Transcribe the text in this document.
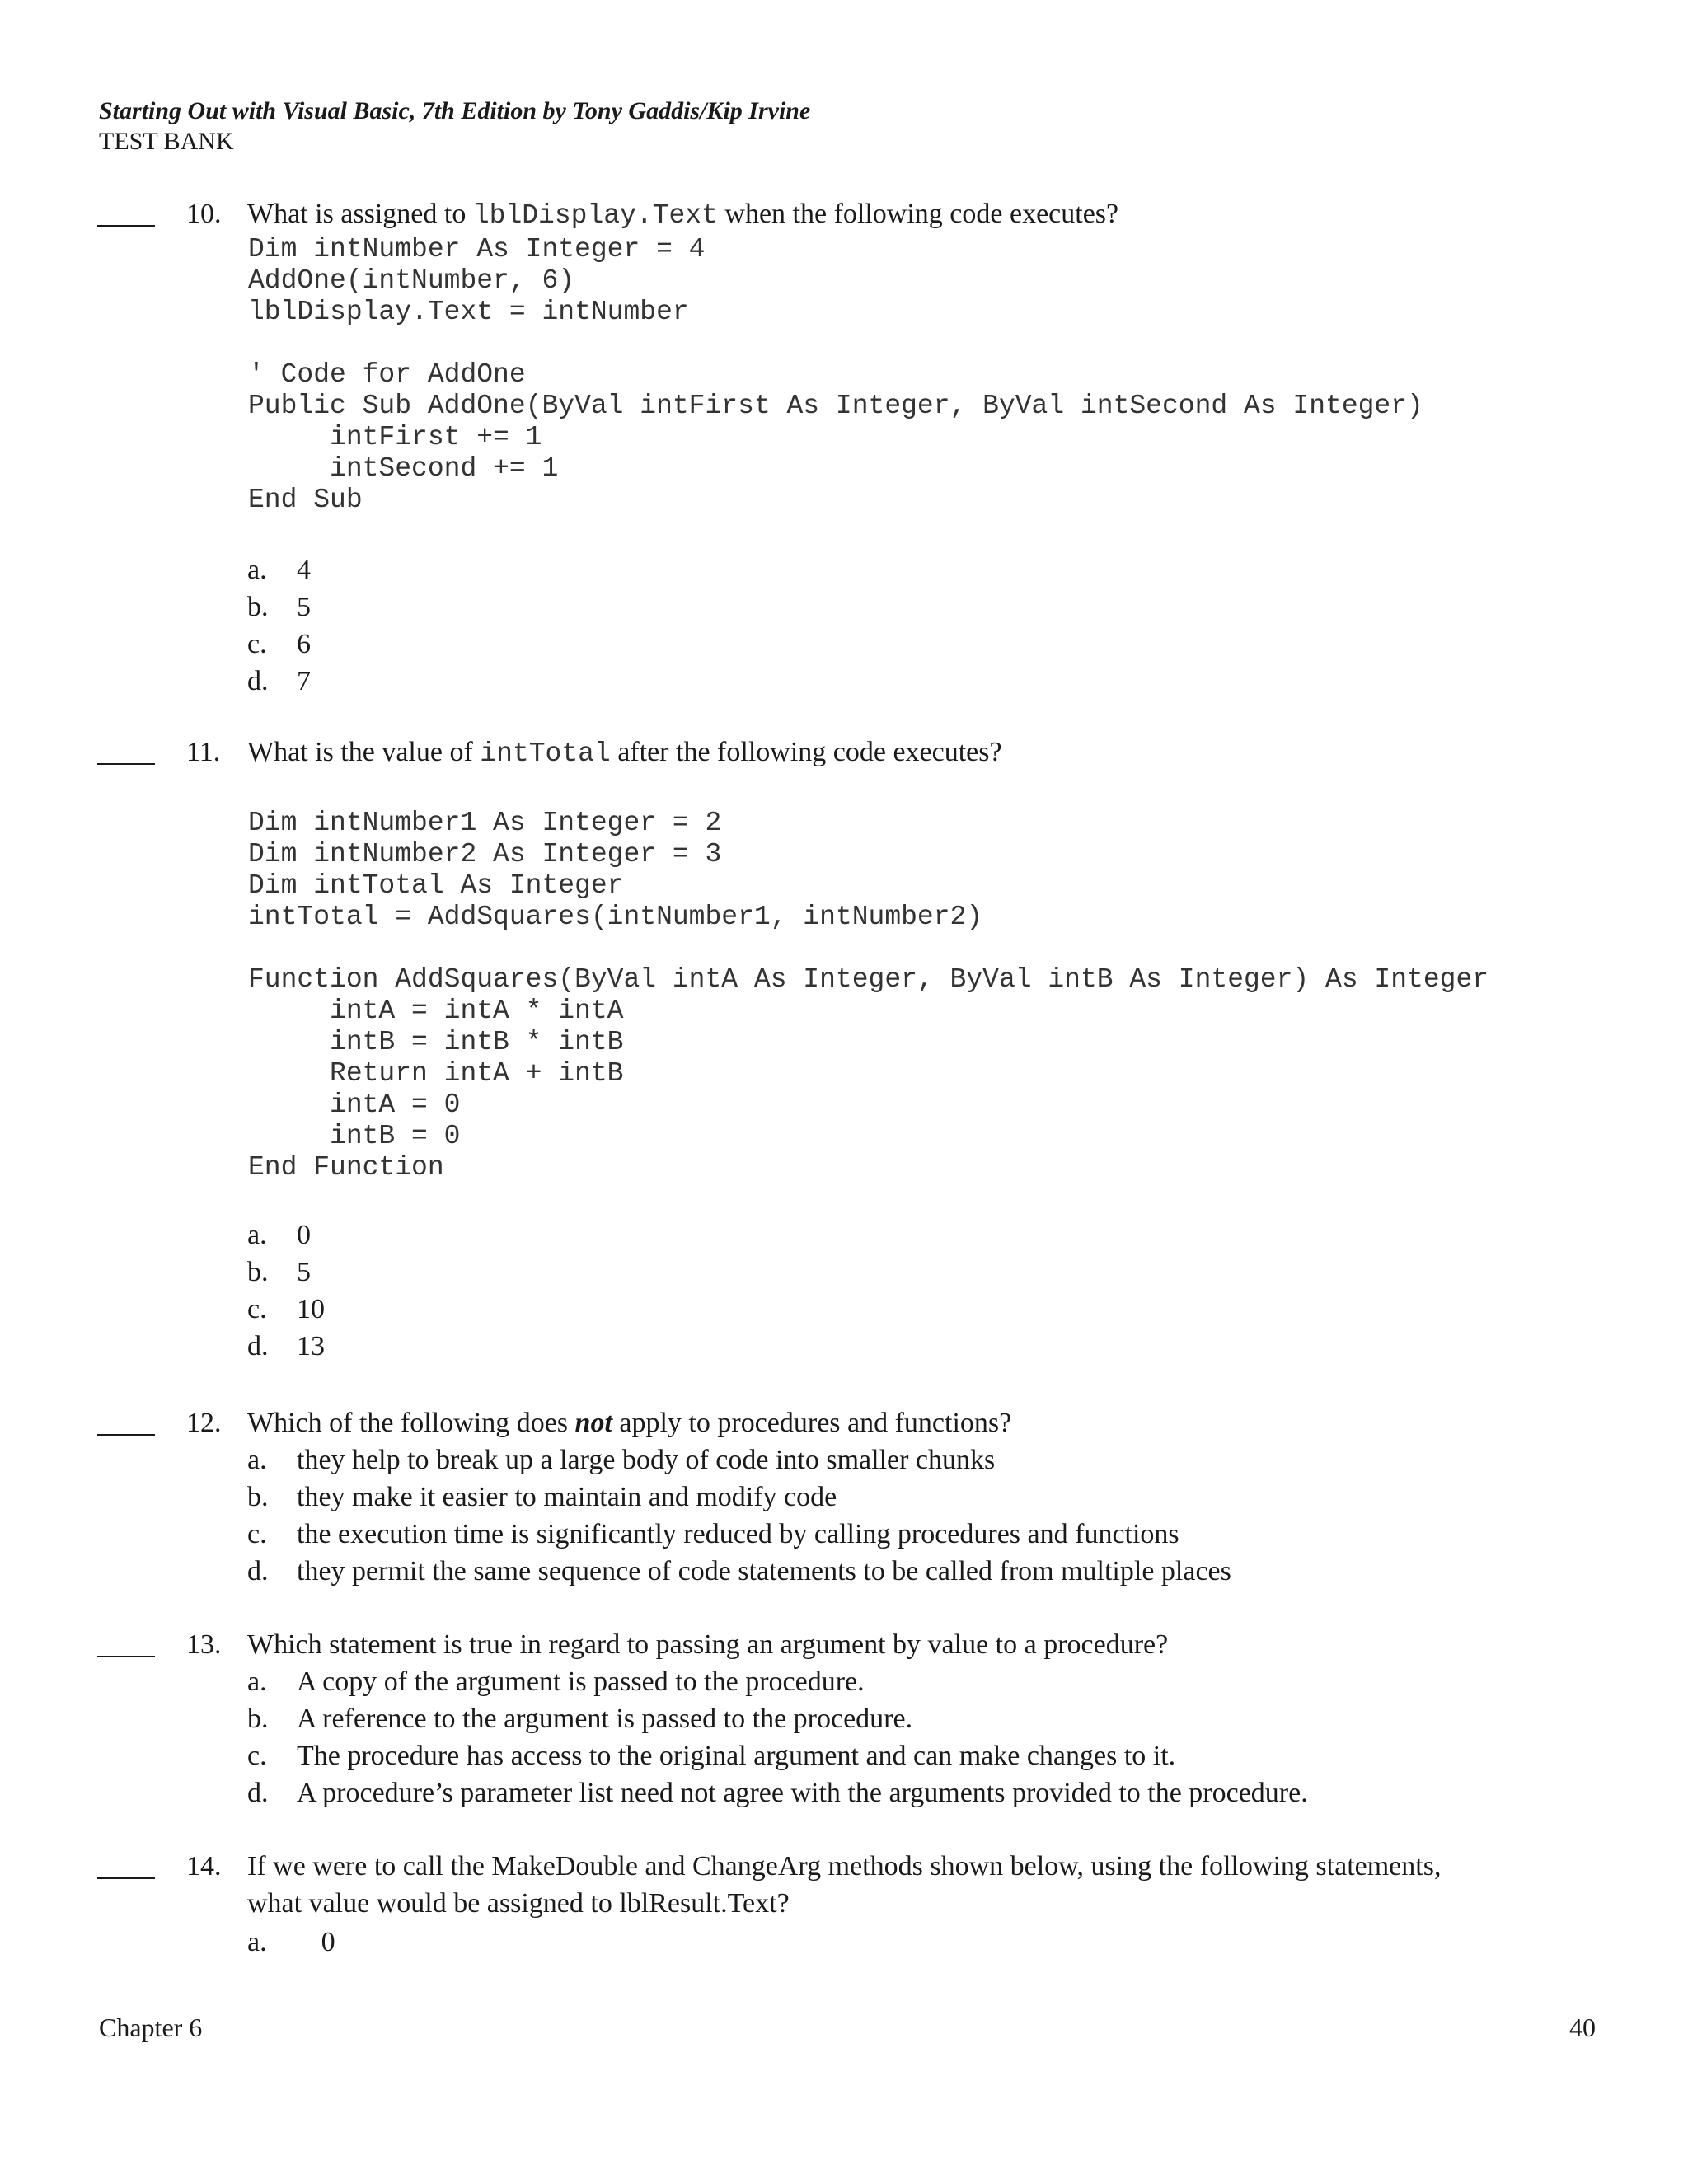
Starting Out with Visual Basic, 7th Edition by Tony Gaddis/Kip Irvine
TEST BANK
10. What is assigned to lblDisplay.Text when the following code executes?
Dim intNumber As Integer = 4
AddOne(intNumber, 6)
lblDisplay.Text = intNumber

' Code for AddOne
Public Sub AddOne(ByVal intFirst As Integer, ByVal intSecond As Integer)
intFirst += 1
intSecond += 1
End Sub
a. 4
b. 5
c. 6
d. 7
11. What is the value of intTotal after the following code executes?
Dim intNumber1 As Integer = 2
Dim intNumber2 As Integer = 3
Dim intTotal As Integer
intTotal = AddSquares(intNumber1, intNumber2)

Function AddSquares(ByVal intA As Integer, ByVal intB As Integer) As Integer
intA = intA * intA
intB = intB * intB
Return intA + intB
intA = 0
intB = 0
End Function
a. 0
b. 5
c. 10
d. 13
12. Which of the following does not apply to procedures and functions?
a. they help to break up a large body of code into smaller chunks
b. they make it easier to maintain and modify code
c. the execution time is significantly reduced by calling procedures and functions
d. they permit the same sequence of code statements to be called from multiple places
13. Which statement is true in regard to passing an argument by value to a procedure?
a. A copy of the argument is passed to the procedure.
b. A reference to the argument is passed to the procedure.
c. The procedure has access to the original argument and can make changes to it.
d. A procedure’s parameter list need not agree with the arguments provided to the procedure.
14. If we were to call the MakeDouble and ChangeArg methods shown below, using the following statements,
what value would be assigned to lblResult.Text?
a. 0
Chapter 6	40
